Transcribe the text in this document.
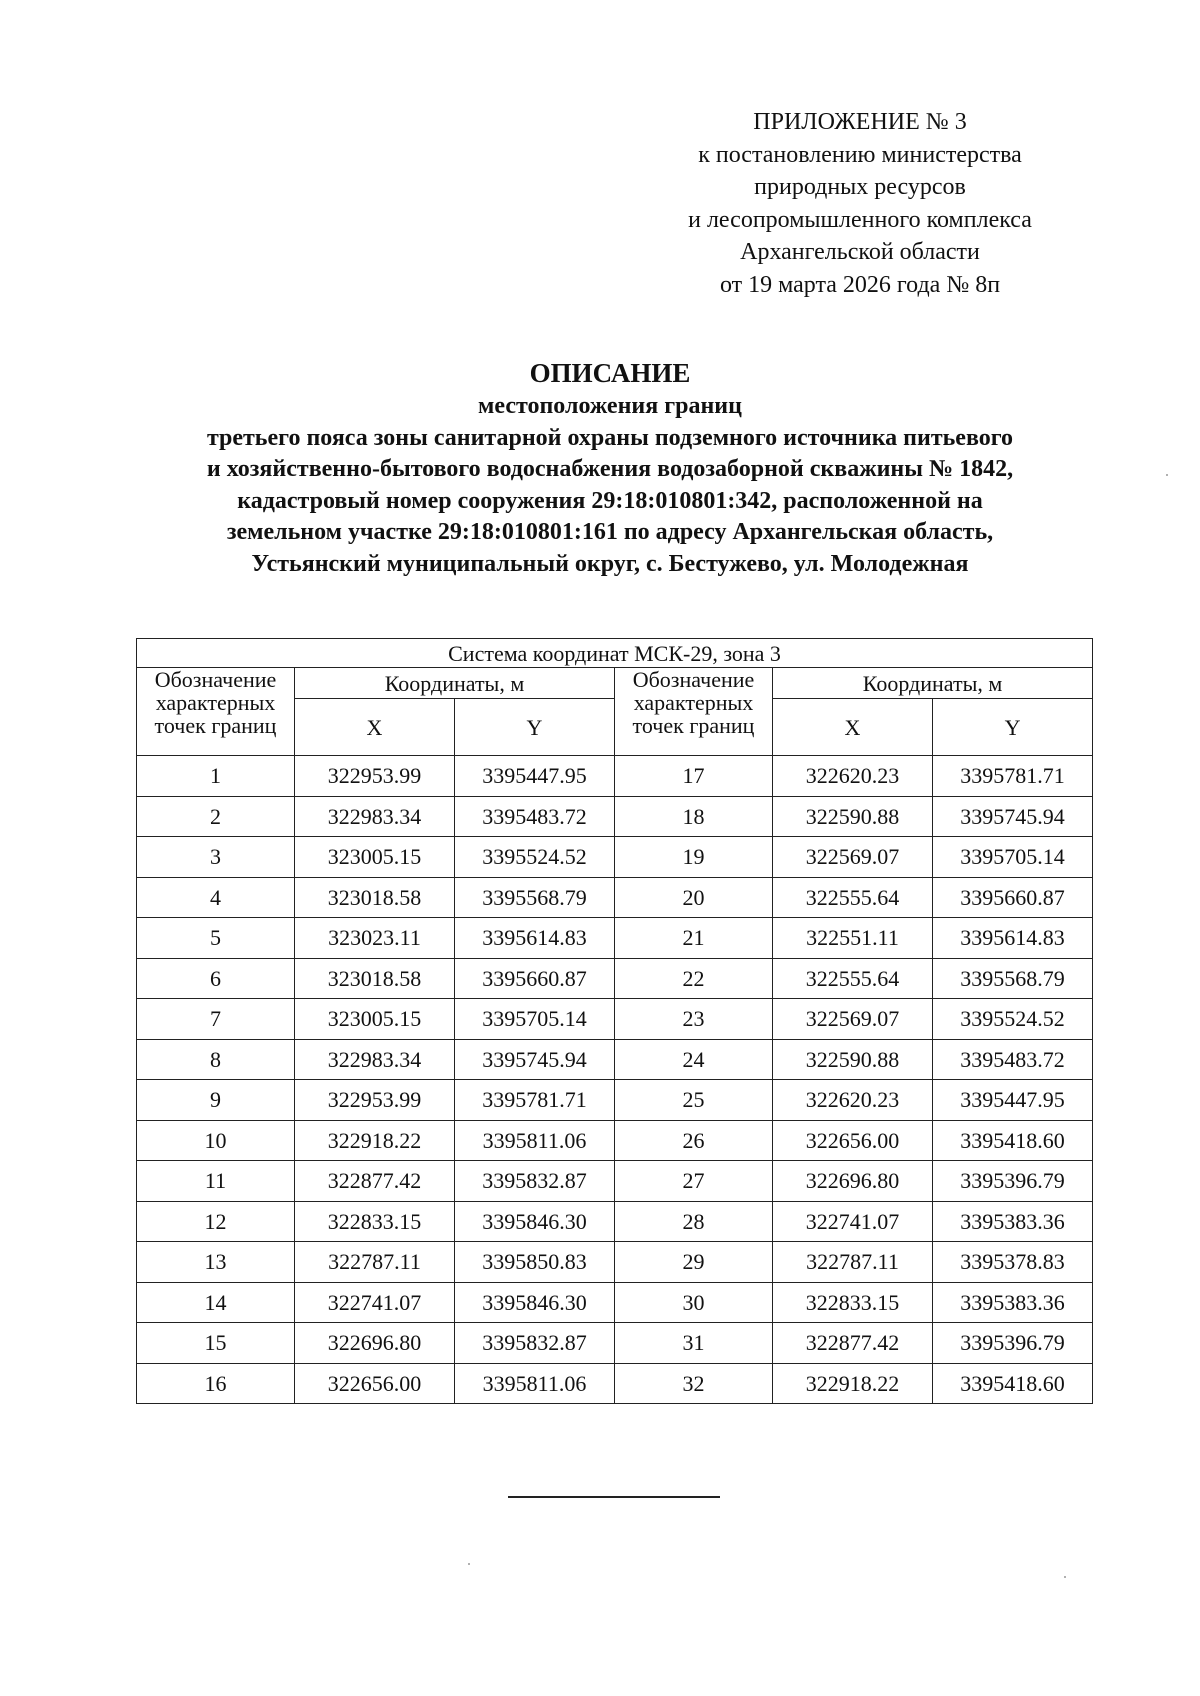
ПРИЛОЖЕНИЕ № 3
к постановлению министерства
природных ресурсов
и лесопромышленного комплекса
Архангельской области
от 19 марта 2026 года № 8п
ОПИСАНИЕ
местоположения границ
третьего пояса зоны санитарной охраны подземного источника питьевого
и хозяйственно-бытового водоснабжения водозаборной скважины № 1842,
кадастровый номер сооружения 29:18:010801:342, расположенной на
земельном участке 29:18:010801:161 по адресу Архангельская область,
Устьянский муниципальный округ, с. Бестужево, ул. Молодежная
Система координат МСК-29, зона 3					
Обозначение характерных точек границ	Координаты, м		Обозначение характерных точек границ	Координаты, м	
	X	Y		X	Y
1	322953.99	3395447.95	17	322620.23	3395781.71
2	322983.34	3395483.72	18	322590.88	3395745.94
3	323005.15	3395524.52	19	322569.07	3395705.14
4	323018.58	3395568.79	20	322555.64	3395660.87
5	323023.11	3395614.83	21	322551.11	3395614.83
6	323018.58	3395660.87	22	322555.64	3395568.79
7	323005.15	3395705.14	23	322569.07	3395524.52
8	322983.34	3395745.94	24	322590.88	3395483.72
9	322953.99	3395781.71	25	322620.23	3395447.95
10	322918.22	3395811.06	26	322656.00	3395418.60
11	322877.42	3395832.87	27	322696.80	3395396.79
12	322833.15	3395846.30	28	322741.07	3395383.36
13	322787.11	3395850.83	29	322787.11	3395378.83
14	322741.07	3395846.30	30	322833.15	3395383.36
15	322696.80	3395832.87	31	322877.42	3395396.79
16	322656.00	3395811.06	32	322918.22	3395418.60
